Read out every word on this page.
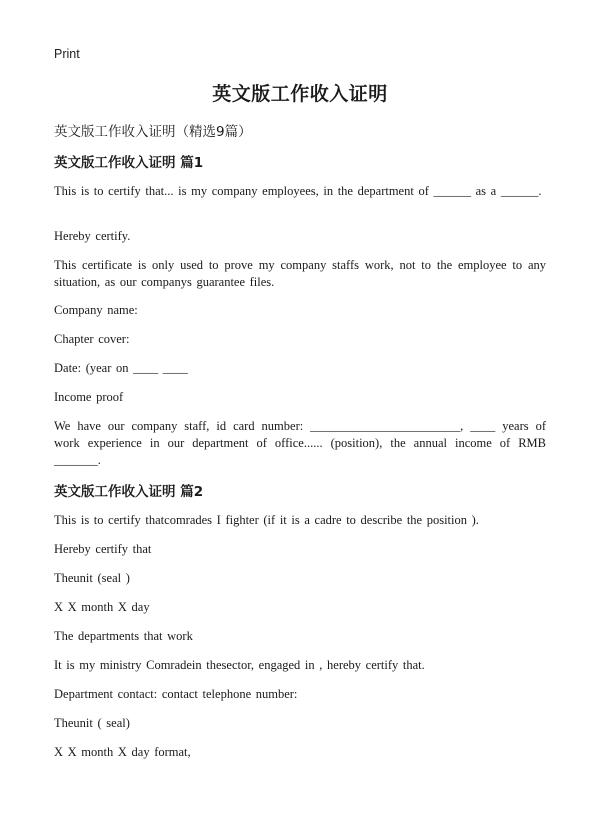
Print
英文版工作收入证明
英文版工作收入证明（精选9篇）
英文版工作收入证明 篇1
This is to certify that... is my company employees, in the department of ______ as a ______.
Hereby certify.
This certificate is only used to prove my company staffs work, not to the employee to any situation, as our companys guarantee files.
Company name:
Chapter cover:
Date: (year on ____ ____
Income proof
We have our company staff, id card number: ________________________, ____ years of work experience in our department of office...... (position), the annual income of RMB _______.
英文版工作收入证明 篇2
This is to certify thatcomrades I fighter (if it is a cadre to describe the position ).
Hereby certify that
Theunit (seal )
X X month X day
The departments that work
It is my ministry Comradein thesector, engaged in , hereby certify that.
Department contact: contact telephone number:
Theunit ( seal)
X X month X day format,
